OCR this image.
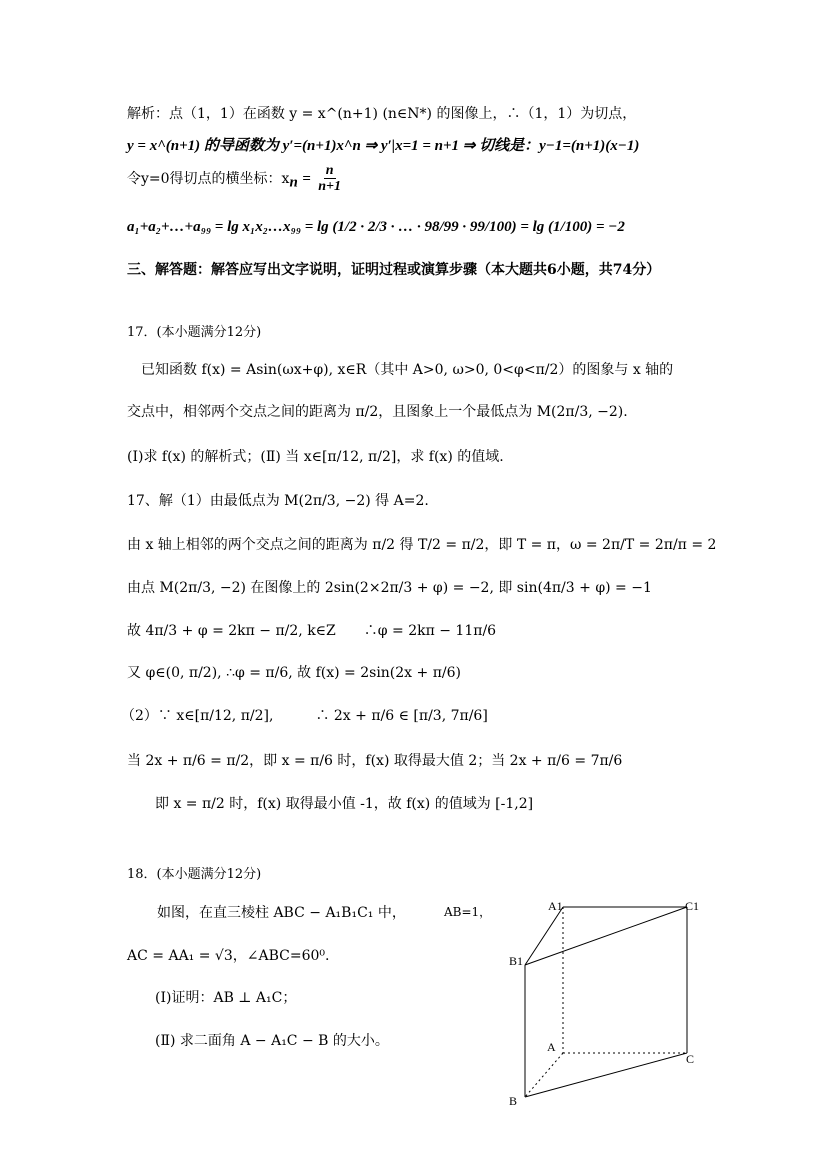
解析：点（1，1）在函数 y = x^(n+1) (n∈N*) 的图像上，∴（1，1）为切点，
y = x^(n+1) 的导函数为 y′=(n+1)x^n ⇒ y′|x=1 = n+1 ⇒ 切线是：y−1=(n+1)(x−1)
令y=0得切点的横坐标：$x_n = \frac{n}{n+1}$
a₁+a₂+…+a₉₉ = lg x₁x₂…x₉₉ = lg (1/2 · 2/3 · … · 98/99 · 99/100) = lg (1/100) = −2
三、解答题：解答应写出文字说明，证明过程或演算步骤（本大题共6小题，共74分）
17．(本小题满分12分)
已知函数 f(x) = Asin(ωx+φ), x∈R（其中 A>0, ω>0, 0<φ<π/2）的图象与 x 轴的
交点中，相邻两个交点之间的距离为 π/2，且图象上一个最低点为 M(2π/3, −2).
(Ⅰ)求 f(x) 的解析式；(Ⅱ) 当 x∈[π/12, π/2]，求 f(x) 的值域.
17、解（1）由最低点为 M(2π/3, −2) 得 A=2.
由 x 轴上相邻的两个交点之间的距离为 π/2 得 T/2 = π/2，即 T = π，ω = 2π/T = 2π/π = 2
由点 M(2π/3, −2) 在图像上的 2sin(2×2π/3 + φ) = −2, 即 sin(4π/3 + φ) = −1
故 4π/3 + φ = 2kπ − π/2, k∈Z　　∴φ = 2kπ − 11π/6
又 φ∈(0, π/2), ∴φ = π/6, 故 f(x) = 2sin(2x + π/6)
（2）∵ x∈[π/12, π/2],　　　∴ 2x + π/6 ∈ [π/3, 7π/6]
当 2x + π/6 = π/2，即 x = π/6 时，f(x) 取得最大值 2；当 2x + π/6 = 7π/6
即 x = π/2 时，f(x) 取得最小值 -1，故 f(x) 的值域为 [-1,2]
18．(本小题满分12分)
如图，在直三棱柱 ABC − A₁B₁C₁ 中，	AB=1，
AC = AA₁ = √3，∠ABC=60⁰.
(Ⅰ)证明：AB ⊥ A₁C；
(Ⅱ) 求二面角 A − A₁C − B 的大小。
A1	C1
B1
A
C
B
